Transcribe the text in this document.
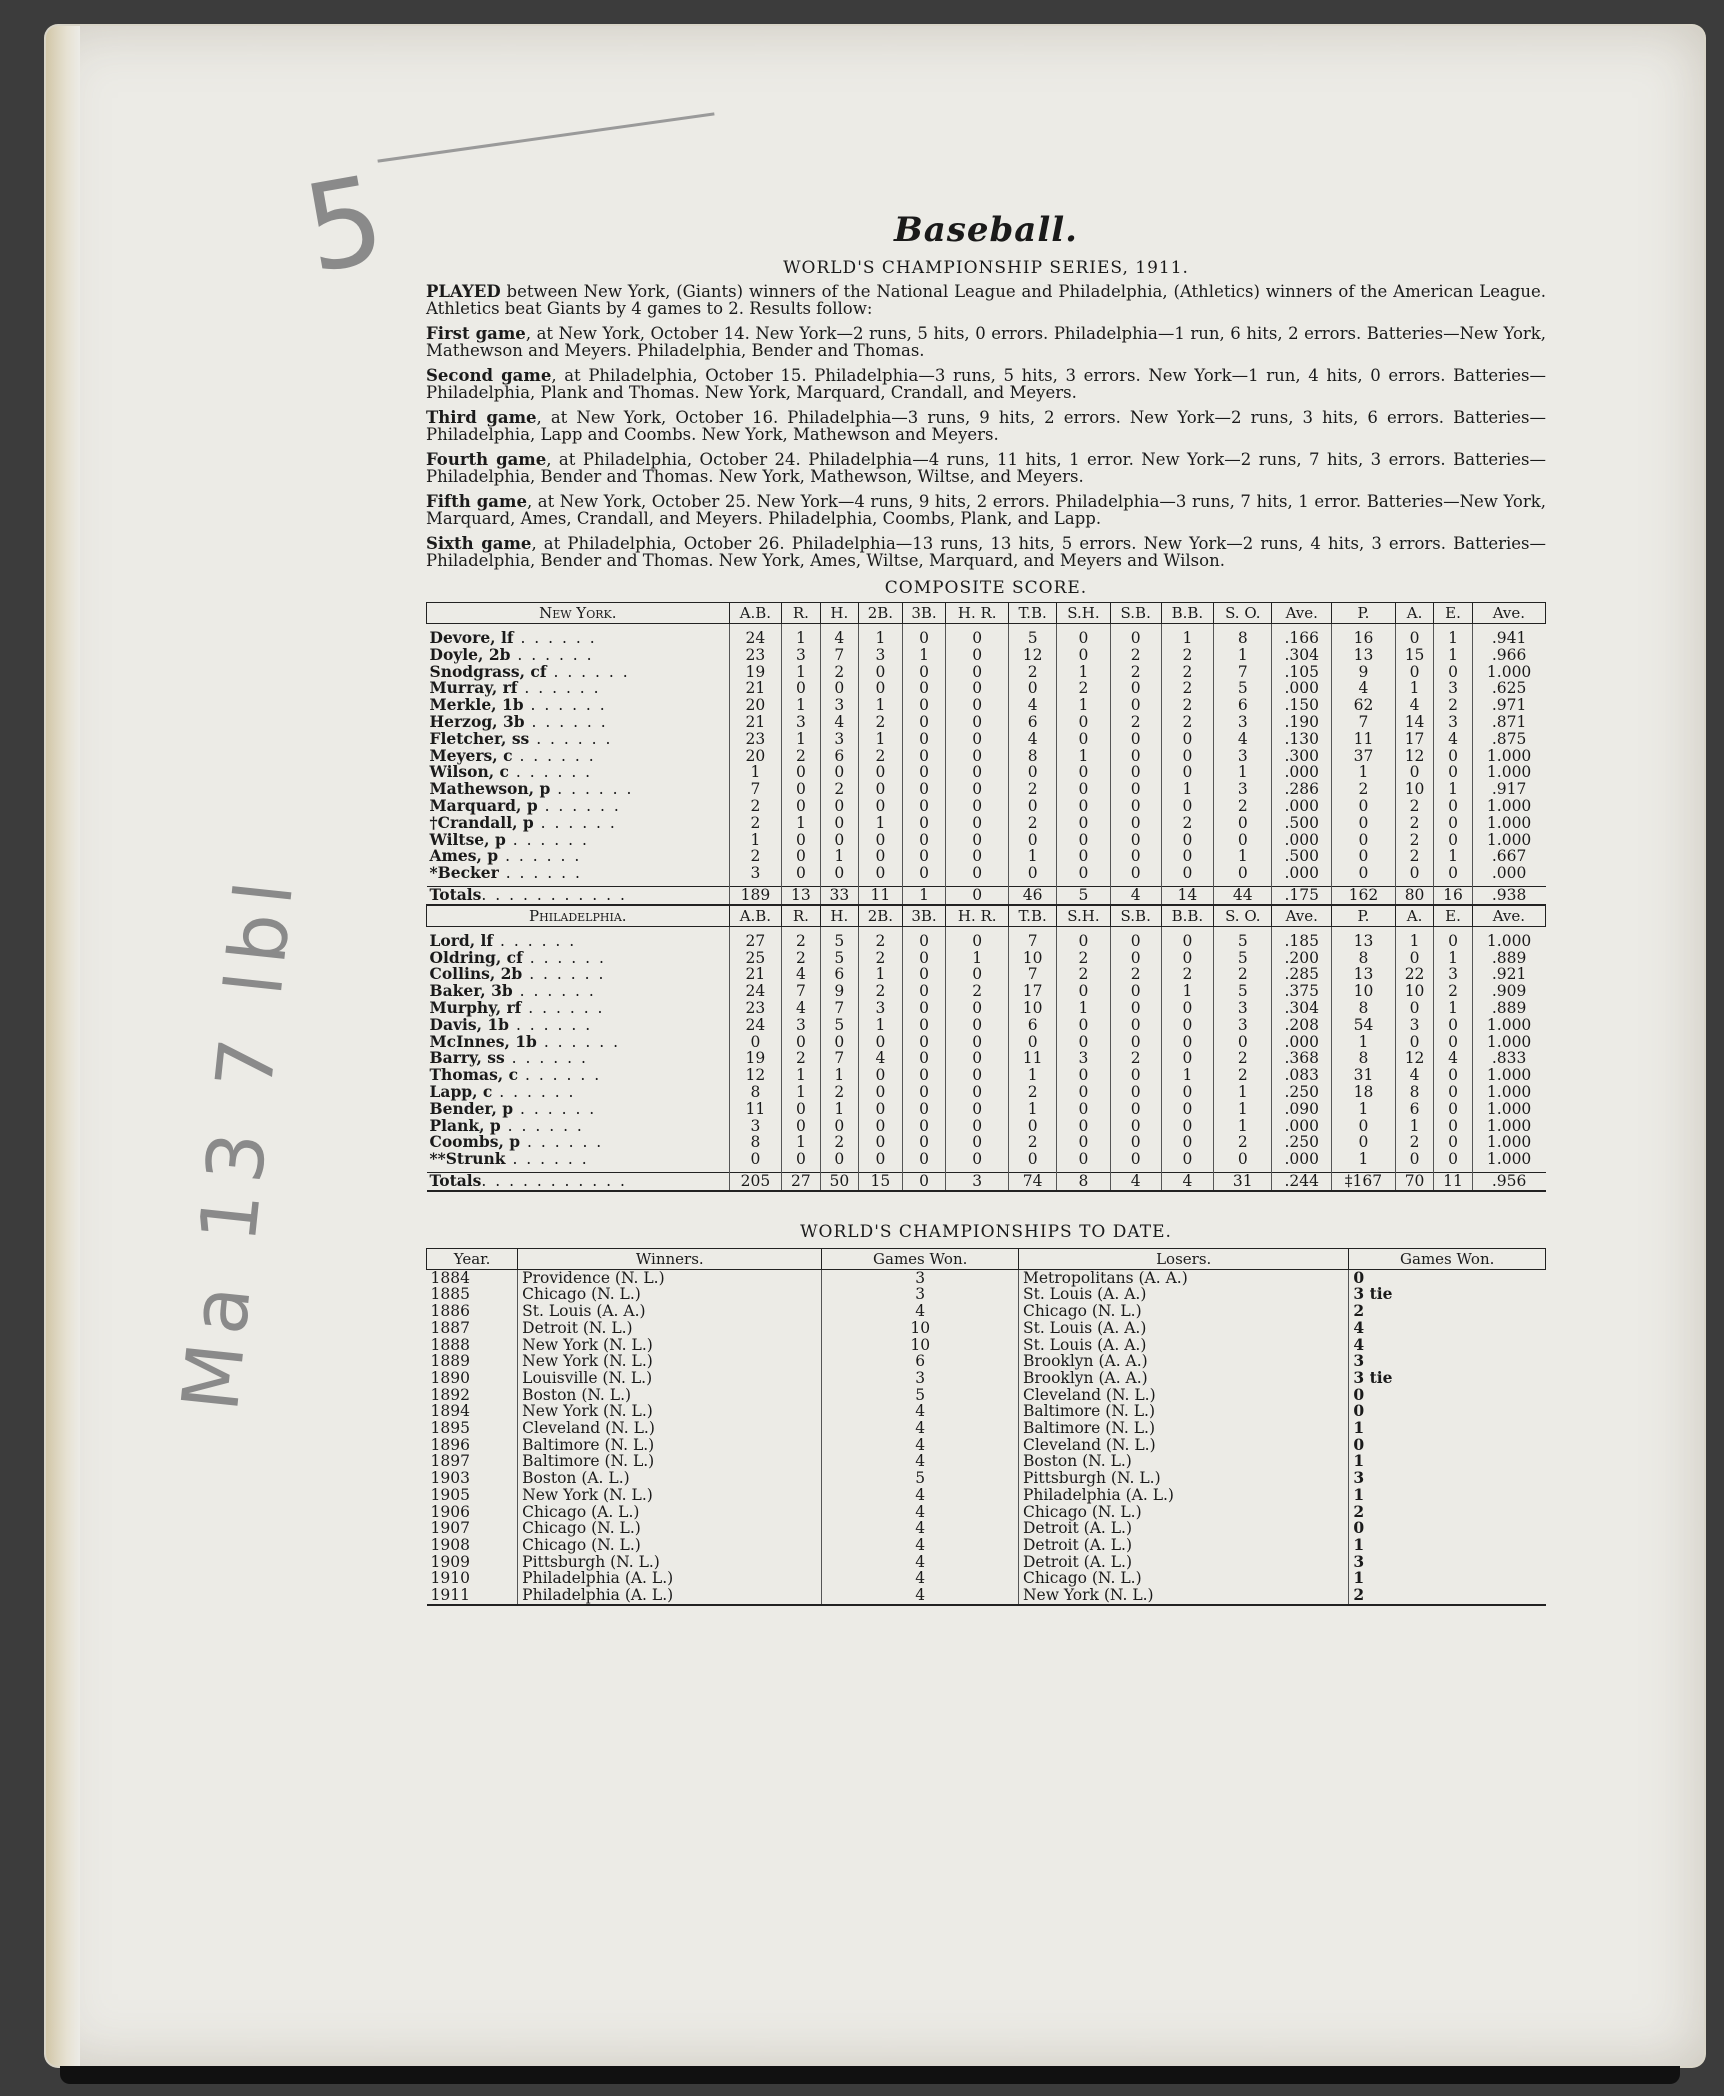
5
Ma 13 7 lbl
Baseball.
WORLD'S CHAMPIONSHIP SERIES, 1911.

PLAYED between New York, (Giants) winners of the National League and Philadelphia, (Athletics) winners of the American League. Athletics beat Giants by 4 games to 2. Results follow:

First game, at New York, October 14. New York—2 runs, 5 hits, 0 errors. Philadelphia—1 run, 6 hits, 2 errors. Batteries—New York, Mathewson and Meyers. Philadelphia, Bender and Thomas.

Second game, at Philadelphia, October 15. Philadelphia—3 runs, 5 hits, 3 errors. New York—1 run, 4 hits, 0 errors. Batteries—Philadelphia, Plank and Thomas. New York, Marquard, Crandall, and Meyers.

Third game, at New York, October 16. Philadelphia—3 runs, 9 hits, 2 errors. New York—2 runs, 3 hits, 6 errors. Batteries—Philadelphia, Lapp and Coombs. New York, Mathewson and Meyers.

Fourth game, at Philadelphia, October 24. Philadelphia—4 runs, 11 hits, 1 error. New York—2 runs, 7 hits, 3 errors. Batteries—Philadelphia, Bender and Thomas. New York, Mathewson, Wiltse, and Meyers.

Fifth game, at New York, October 25. New York—4 runs, 9 hits, 2 errors. Philadelphia—3 runs, 7 hits, 1 error. Batteries—New York, Marquard, Ames, Crandall, and Meyers. Philadelphia, Coombs, Plank, and Lapp.

Sixth game, at Philadelphia, October 26. Philadelphia—13 runs, 13 hits, 5 errors. New York—2 runs, 4 hits, 3 errors. Batteries—Philadelphia, Bender and Thomas. New York, Ames, Wiltse, Marquard, and Meyers and Wilson.

COMPOSITE SCORE.
New York.	A.B.	R.	H.	2B.	3B.	H. R.	T.B.	S.H.	S.B.	B.B.	S. O.	Ave.	P.	A.	E.	Ave.
Devore, lf . . . . . .	24	1	4	1	0	0	5	0	0	1	8	.166	16	0	1	.941
Doyle, 2b . . . . . .	23	3	7	3	1	0	12	0	2	2	1	.304	13	15	1	.966
Snodgrass, cf . . . . . .	19	1	2	0	0	0	2	1	2	2	7	.105	9	0	0	1.000
Murray, rf . . . . . .	21	0	0	0	0	0	0	2	0	2	5	.000	4	1	3	.625
Merkle, 1b . . . . . .	20	1	3	1	0	0	4	1	0	2	6	.150	62	4	2	.971
Herzog, 3b . . . . . .	21	3	4	2	0	0	6	0	2	2	3	.190	7	14	3	.871
Fletcher, ss . . . . . .	23	1	3	1	0	0	4	0	0	0	4	.130	11	17	4	.875
Meyers, c . . . . . .	20	2	6	2	0	0	8	1	0	0	3	.300	37	12	0	1.000
Wilson, c . . . . . .	1	0	0	0	0	0	0	0	0	0	1	.000	1	0	0	1.000
Mathewson, p . . . . . .	7	0	2	0	0	0	2	0	0	1	3	.286	2	10	1	.917
Marquard, p . . . . . .	2	0	0	0	0	0	0	0	0	0	2	.000	0	2	0	1.000
†Crandall, p . . . . . .	2	1	0	1	0	0	2	0	0	2	0	.500	0	2	0	1.000
Wiltse, p . . . . . .	1	0	0	0	0	0	0	0	0	0	0	.000	0	2	0	1.000
Ames, p . . . . . .	2	0	1	0	0	0	1	0	0	0	1	.500	0	2	1	.667
*Becker . . . . . .	3	0	0	0	0	0	0	0	0	0	0	.000	0	0	0	.000
Totals. . . . . . . . . . .	189	13	33	11	1	0	46	5	4	14	44	.175	162	80	16	.938
Philadelphia.	A.B.	R.	H.	2B.	3B.	H. R.	T.B.	S.H.	S.B.	B.B.	S. O.	Ave.	P.	A.	E.	Ave.
Lord, lf . . . . . .	27	2	5	2	0	0	7	0	0	0	5	.185	13	1	0	1.000
Oldring, cf . . . . . .	25	2	5	2	0	1	10	2	0	0	5	.200	8	0	1	.889
Collins, 2b . . . . . .	21	4	6	1	0	0	7	2	2	2	2	.285	13	22	3	.921
Baker, 3b . . . . . .	24	7	9	2	0	2	17	0	0	1	5	.375	10	10	2	.909
Murphy, rf . . . . . .	23	4	7	3	0	0	10	1	0	0	3	.304	8	0	1	.889
Davis, 1b . . . . . .	24	3	5	1	0	0	6	0	0	0	3	.208	54	3	0	1.000
McInnes, 1b . . . . . .	0	0	0	0	0	0	0	0	0	0	0	.000	1	0	0	1.000
Barry, ss . . . . . .	19	2	7	4	0	0	11	3	2	0	2	.368	8	12	4	.833
Thomas, c . . . . . .	12	1	1	0	0	0	1	0	0	1	2	.083	31	4	0	1.000
Lapp, c . . . . . .	8	1	2	0	0	0	2	0	0	0	1	.250	18	8	0	1.000
Bender, p . . . . . .	11	0	1	0	0	0	1	0	0	0	1	.090	1	6	0	1.000
Plank, p . . . . . .	3	0	0	0	0	0	0	0	0	0	1	.000	0	1	0	1.000
Coombs, p . . . . . .	8	1	2	0	0	0	2	0	0	0	2	.250	0	2	0	1.000
**Strunk . . . . . .	0	0	0	0	0	0	0	0	0	0	0	.000	1	0	0	1.000
Totals. . . . . . . . . . .	205	27	50	15	0	3	74	8	4	4	31	.244	‡167	70	11	.956
WORLD'S CHAMPIONSHIPS TO DATE.
Year.	Winners.	Games Won.	Losers.	Games Won.
1884	Providence (N. L.)	3	Metropolitans (A. A.)	0
1885	Chicago (N. L.)	3	St. Louis (A. A.)	3 tie
1886	St. Louis (A. A.)	4	Chicago (N. L.)	2
1887	Detroit (N. L.)	10	St. Louis (A. A.)	4
1888	New York (N. L.)	10	St. Louis (A. A.)	4
1889	New York (N. L.)	6	Brooklyn (A. A.)	3
1890	Louisville (N. L.)	3	Brooklyn (A. A.)	3 tie
1892	Boston (N. L.)	5	Cleveland (N. L.)	0
1894	New York (N. L.)	4	Baltimore (N. L.)	0
1895	Cleveland (N. L.)	4	Baltimore (N. L.)	1
1896	Baltimore (N. L.)	4	Cleveland (N. L.)	0
1897	Baltimore (N. L.)	4	Boston (N. L.)	1
1903	Boston (A. L.)	5	Pittsburgh (N. L.)	3
1905	New York (N. L.)	4	Philadelphia (A. L.)	1
1906	Chicago (A. L.)	4	Chicago (N. L.)	2
1907	Chicago (N. L.)	4	Detroit (A. L.)	0
1908	Chicago (N. L.)	4	Detroit (A. L.)	1
1909	Pittsburgh (N. L.)	4	Detroit (A. L.)	3
1910	Philadelphia (A. L.)	4	Chicago (N. L.)	1
1911	Philadelphia (A. L.)	4	New York (N. L.)	2
